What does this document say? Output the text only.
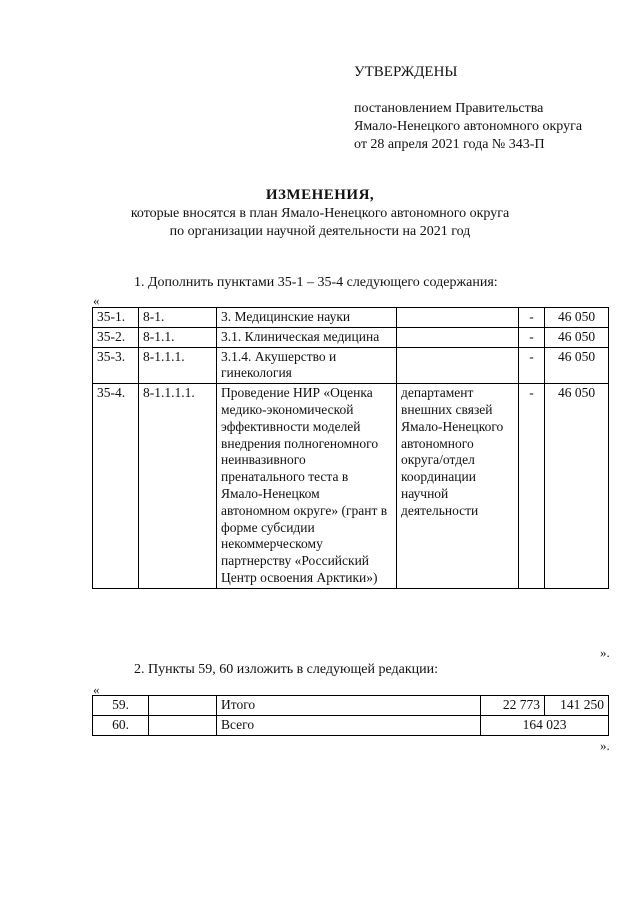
УТВЕРЖДЕНЫ
постановлением Правительства
Ямало-Ненецкого автономного округа
от 28 апреля 2021 года № 343-П
ИЗМЕНЕНИЯ,
которые вносятся в план Ямало-Ненецкого автономного округа
по организации научной деятельности на 2021 год
1. Дополнить пунктами 35-1 – 35-4 следующего содержания:
«
35-1.	8-1.	3. Медицинские науки		-	46 050
35-2.	8-1.1.	3.1. Клиническая медицина		-	46 050
35-3.	8-1.1.1.	3.1.4. Акушерство и гинекология		-	46 050
35-4.	8-1.1.1.1.	Проведение НИР «Оценка медико-экономической эффективности моделей внедрения полногеномного неинвазивного пренатального теста в Ямало-Ненецком автономном округе» (грант в форме субсидии некоммерческому партнерству «Российский Центр освоения Арктики»)	департамент внешних связей Ямало-Ненецкого автономного округа/отдел координации научной деятельности	-	46 050
».
2. Пункты 59, 60 изложить в следующей редакции:
«
59.		Итого	22 773	141 250
60.		Всего	164 023	
».
